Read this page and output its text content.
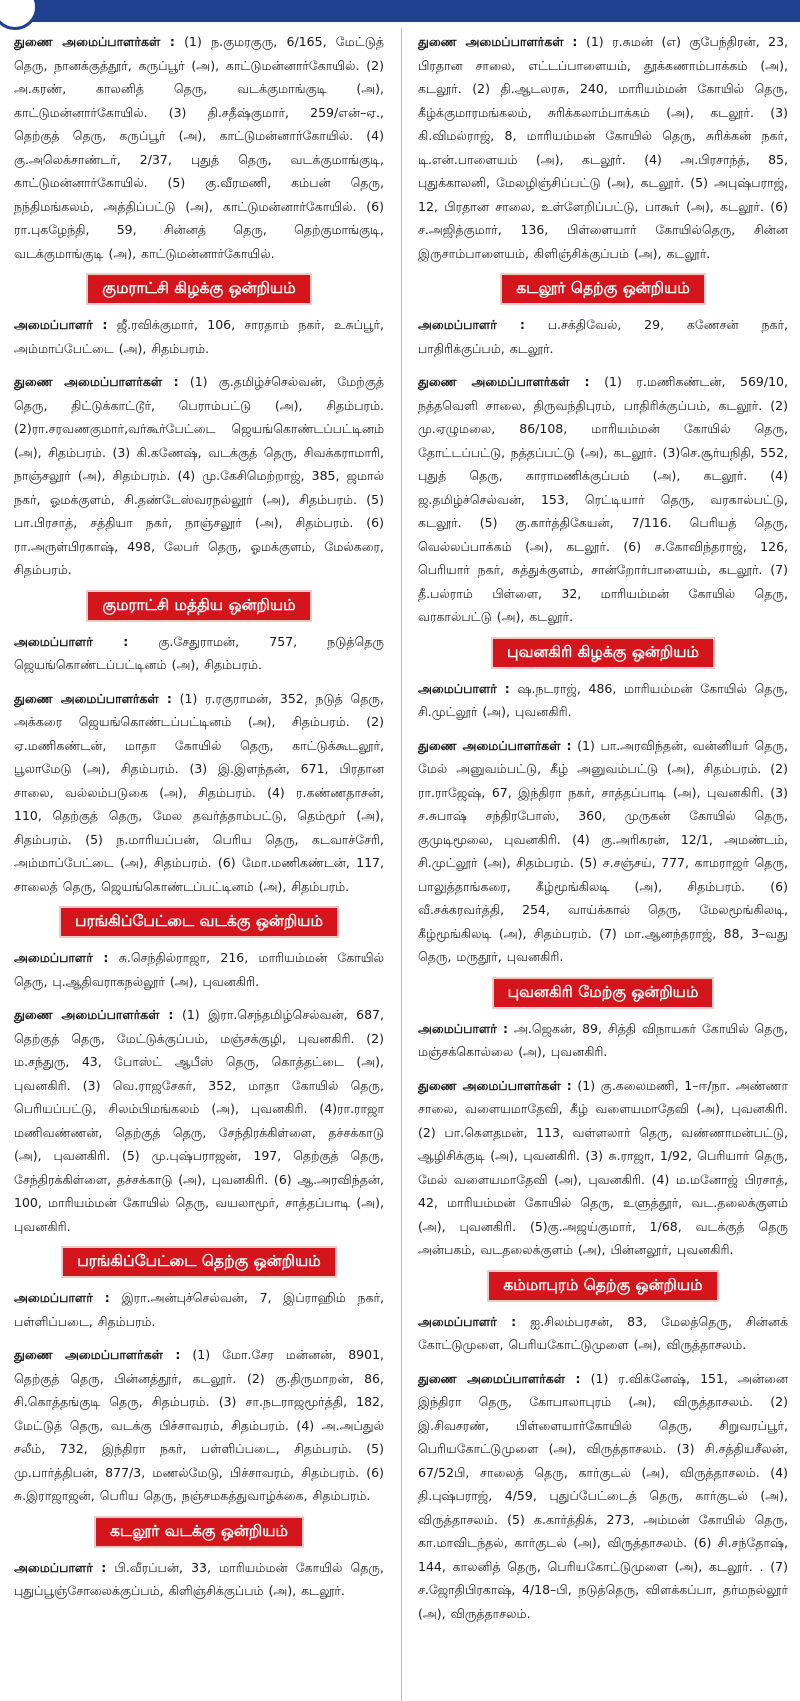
துணை அமைப்பாளர்கள் : (1) ந.குமரகுரு, 6/165, மேட்டுத் தெரு, நானக்குத்தூர், கருப்பூர் (அ), காட்டுமன்னார்கோயில். (2) அ.கரண், காலனித் தெரு, வடக்குமாங்குடி (அ), காட்டுமன்னார்கோயில். (3) தி.சதீஷ்குமார், 259/என்–ஏ., தெற்குத் தெரு, கருப்பூர் (அ), காட்டுமன்னார்கோயில். (4) கு.அலெக்சாண்டர், 2/37, புதுத் தெரு, வடக்குமாங்குடி, காட்டுமன்னார்கோயில். (5) கு.வீரமணி, கம்பன் தெரு, நந்திமங்கலம், அத்திப்பட்டு (அ), காட்டுமன்னார்கோயில். (6) ரா.புகழேந்தி, 59, சின்னத் தெரு, தெற்குமாங்குடி, வடக்குமாங்குடி (அ), காட்டுமன்னார்கோயில்.

குமராட்சி கிழக்கு ஒன்றியம்

அமைப்பாளர் : ஜீ.ரவிக்குமார், 106, சாரதாம் நகர், உசுப்பூர், அம்மாப்பேட்டை (அ), சிதம்பரம்.

துணை அமைப்பாளர்கள் : (1) கு.தமிழ்ச்செல்வன், மேற்குத் தெரு, திட்டுக்காட்டூர், பெராம்பட்டு (அ), சிதம்பரம். (2)ரா.சரவணகுமார்,வர்கூர்பேட்டை ஜெயங்கொண்டப்பட்டினம் (அ), சிதம்பரம். (3) கி.கணேஷ், வடக்குத் தெரு, சிவக்கராமாரி, நாஞ்சலூர் (அ), சிதம்பரம். (4) மு.கேசிமெற்றாஜ், 385, ஜமால் நகர், ஓமக்குளம், சி.தண்டேஸ்வரநல்லூர் (அ), சிதம்பரம். (5) பா.பிரசாத், சத்தியா நகர், நாஞ்சலூர் (அ), சிதம்பரம். (6) ரா.அருள்பிரகாஷ், 498, லேபர் தெரு, ஓமக்குளம், மேல்கரை, சிதம்பரம்.

குமராட்சி மத்திய ஒன்றியம்

அமைப்பாளர் : கு.சேதுராமன், 757, நடுத்தெரு ஜெயங்கொண்டப்பட்டினம் (அ), சிதம்பரம்.

துணை அமைப்பாளர்கள் : (1) ர.ரகுராமன், 352, நடுத் தெரு, அக்கரை ஜெயங்கொண்டப்பட்டினம் (அ), சிதம்பரம். (2) ஏ.மணிகண்டன், மாதா கோயில் தெரு, காட்டுக்கூடலூர், பூலாமேடு (அ), சிதம்பரம். (3) இ.இளந்தன், 671, பிரதான சாலை, வல்லம்படுகை (அ), சிதம்பரம். (4) ர.கண்ணதாசன், 110, தெற்குத் தெரு, மேல தவர்த்தாம்பட்டு, தெம்மூர் (அ), சிதம்பரம். (5) ந.மாரியப்பன், பெரிய தெரு, கடவாச்சேரி, அம்மாப்பேட்டை (அ), சிதம்பரம். (6) மோ.மணிகண்டன், 117, சாலைத் தெரு, ஜெயங்கொண்டப்பட்டினம் (அ), சிதம்பரம்.

பரங்கிப்பேட்டை வடக்கு ஒன்றியம்

அமைப்பாளர் : சு.செந்தில்ராஜா, 216, மாரியம்மன் கோயில் தெரு, பு.ஆதிவராகநல்லூர் (அ), புவனகிரி.

துணை அமைப்பாளர்கள் : (1) இரா.செந்தமிழ்செல்வன், 687, தெற்குத் தெரு, மேட்டுக்குப்பம், மஞ்சக்குழி, புவனகிரி. (2) ம.சந்துரு, 43, போஸ்ட் ஆபீஸ் தெரு, கொத்தட்டை (அ), புவனகிரி. (3) வெ.ராஜசேகர், 352, மாதா கோயில் தெரு, பெரியப்பட்டு, சிலம்பிமங்கலம் (அ), புவனகிரி. (4)ரா.ராஜா மணிவண்ணன், தெற்குத் தெரு, சேந்திரக்கிள்ளை, தச்சக்காடு (அ), புவனகிரி. (5) மு.புஷ்பராஜன், 197, தெற்குத் தெரு, சேந்திரக்கிள்ளை, தச்சக்காடு (அ), புவனகிரி. (6) ஆ.அரவிந்தன், 100, மாரியம்மன் கோயில் தெரு, வயலாமூர், சாத்தப்பாடி (அ), புவனகிரி.

பரங்கிப்பேட்டை தெற்கு ஒன்றியம்

அமைப்பாளர் : இரா.அன்புச்செல்வன், 7, இப்ராஹிம் நகர், பள்ளிப்படை, சிதம்பரம்.

துணை அமைப்பாளர்கள் : (1) மோ.சேர மன்னன், 8901, தெற்குத் தெரு, பின்னத்தூர், கடலூர். (2) கு.திருமாறன், 86, சி.கொத்தங்குடி தெரு, சிதம்பரம். (3) சா.நடராஜமூர்த்தி, 182, மேட்டுத் தெரு, வடக்கு பிச்சாவரம், சிதம்பரம். (4) அ.அப்துல் சலீம், 732, இந்திரா நகர், பள்ளிப்படை, சிதம்பரம். (5) மு.பார்த்திபன், 877/3, மணல்மேடு, பிச்சாவரம், சிதம்பரம். (6) சு.இராஜாஜன், பெரிய தெரு, நஞ்சமகத்துவாழ்க்கை, சிதம்பரம்.

கடலூர் வடக்கு ஒன்றியம்

அமைப்பாளர் : பி.வீரப்பன், 33, மாரியம்மன் கோயில் தெரு, புதுப்பூஞ்சோலைக்குப்பம், கிளிஞ்சிக்குப்பம் (அ), கடலூர்.

துணை அமைப்பாளர்கள் : (1) ர.சுமன் (எ) குபேந்திரன், 23, பிரதான சாலை, எட்டப்பாளையம், தூக்கணாம்பாக்கம் (அ), கடலூர். (2) தி.ஆடலரசு, 240, மாரியம்மன் கோயில் தெரு, கீழ்க்குமாரமங்கலம், சுரிக்கலாம்பாக்கம் (அ), கடலூர். (3) கி.விமல்ராஜ், 8, மாரியம்மன் கோயில் தெரு, சுரிக்கன் நகர், டி.என்.பாளையம் (அ), கடலூர். (4) அ.பிரசாந்த், 85, புதுக்காலனி, மேலழிஞ்சிப்பட்டு (அ), கடலூர். (5) அபுஷ்பராஜ், 12, பிரதான சாலை, உள்ளேறிப்பட்டு, பாகூர் (அ), கடலூர். (6) ச.அஜித்குமார், 136, பிள்ளையார் கோயில்தெரு, சின்ன இருசாம்பாளையம், கிளிஞ்சிக்குப்பம் (அ), கடலூர்.

கடலூர் தெற்கு ஒன்றியம்

அமைப்பாளர் : ப.சக்திவேல், 29, கணேசன் நகர், பாதிரிக்குப்பம், கடலூர்.

துணை அமைப்பாளர்கள் : (1) ர.மணிகண்டன், 569/10, நத்தவெளி சாலை, திருவந்திபுரம், பாதிரிக்குப்பம், கடலூர். (2) மு.ஏழுமலை, 86/108, மாரியம்மன் கோயில் தெரு, தோட்டப்பட்டு, நத்தப்பட்டு (அ), கடலூர். (3)செ.சூர்யநிதி, 552, புதுத் தெரு, காராமணிக்குப்பம் (அ), கடலூர். (4) ஜ.தமிழ்ச்செல்வன், 153, ரெட்டியார் தெரு, வரகால்பட்டு, கடலூர். (5) கு.கார்த்திகேயன், 7/116. பெரியத் தெரு, வெல்லப்பாக்கம் (அ), கடலூர். (6) ச.கோவிந்தராஜ், 126, பெரியார் நகர், சுத்துக்குளம், சான்றோர்பாளையம், கடலூர். (7) தீ.பல்ராம் பிள்ளை, 32, மாரியம்மன் கோயில் தெரு, வரகால்பட்டு (அ), கடலூர்.

புவனகிரி கிழக்கு ஒன்றியம்

அமைப்பாளர் : ஷ.நடராஜ், 486, மாரியம்மன் கோயில் தெரு, சி.முட்லூர் (அ), புவனகிரி.

துணை அமைப்பாளர்கள் : (1) பா.அரவிந்தன், வன்னியர் தெரு, மேல் அனுவம்பட்டு, கீழ் அனுவம்பட்டு (அ), சிதம்பரம். (2) ரா.ராஜேஷ், 67, இந்திரா நகர், சாத்தப்பாடி (அ), புவனகிரி. (3) ச.சுபாஷ் சந்திரபோஸ், 360, முருகன் கோயில் தெரு, குமுடிமூலை, புவனகிரி. (4) கு.அரிகரன், 12/1, அமண்டம், சி.முட்லூர் (அ), சிதம்பரம். (5) ச.சஞ்சய், 777, காமராஜர் தெரு, பாலுத்தாங்கரை, கீழ்மூங்கிலடி (அ), சிதம்பரம். (6) வீ.சக்கரவர்த்தி, 254, வாய்க்கால் தெரு, மேலமூங்கிலடி, கீழ்மூங்கிலடி (அ), சிதம்பரம். (7) மா.ஆனந்தராஜ், 88, 3–வது தெரு, மருதூர், புவனகிரி.

புவனகிரி மேற்கு ஒன்றியம்

அமைப்பாளர் : அ.ஜெகன், 89, சித்தி விநாயகர் கோயில் தெரு, மஞ்சக்கொல்லை (அ), புவனகிரி.

துணை அமைப்பாளர்கள் : (1) கு.கலைமணி, 1–ஈ/நா. அண்ணா சாலை, வளையமாதேவி, கீழ் வளையமாதேவி (அ), புவனகிரி. (2) பா.கௌதமன், 113, வள்ளலார் தெரு, வண்ணாமன்பட்டு, ஆழிசிக்குடி (அ), புவனகிரி. (3) சு.ராஜா, 1/92, பெரியார் தெரு, மேல் வளையமாதேவி (அ), புவனகிரி. (4) ம.மனோஜ் பிரசாத், 42, மாரியம்மன் கோயில் தெரு, உளுத்தூர், வட.தலைக்குளம் (அ), புவனகிரி. (5)கு.அஜய்குமார், 1/68, வடக்குத் தெரு அன்பகம், வடதலைக்குளம் (அ), பின்னலூர், புவனகிரி.

கம்மாபுரம் தெற்கு ஒன்றியம்

அமைப்பாளர் : ஐ.சிலம்பரசன், 83, மேலத்தெரு, சின்னக் கோட்டுமுளை, பெரியகோட்டுமுளை (அ), விருத்தாசலம்.

துணை அமைப்பாளர்கள் : (1) ர.விக்னேஷ், 151, அன்னை இந்திரா தெரு, கோபாலாபுரம் (அ), விருத்தாசலம். (2) இ.சிவசரண், பிள்ளையார்கோயில் தெரு, சிறுவரப்பூர், பெரியகோட்டுமுளை (அ), விருத்தாசலம். (3) சி.சத்தியசீலன், 67/52பி, சாலைத் தெரு, கார்குடல் (அ), விருத்தாசலம். (4) தி.புஷ்பராஜ், 4/59, புதுப்பேட்டைத் தெரு, கார்குடல் (அ), விருத்தாசலம். (5) க.கார்த்திக், 273, அம்மன் கோயில் தெரு, கா.மாவிடந்தல், கார்குடல் (அ), விருத்தாசலம். (6) சி.சந்தோஷ், 144, காலனித் தெரு, பெரியகோட்டுமுளை (அ), கடலூர். . (7) ச.ஜோதிபிரகாஷ், 4/18–பி, நடுத்தெரு, விளக்கப்பா, தர்மநல்லூர் (அ), விருத்தாசலம்.
